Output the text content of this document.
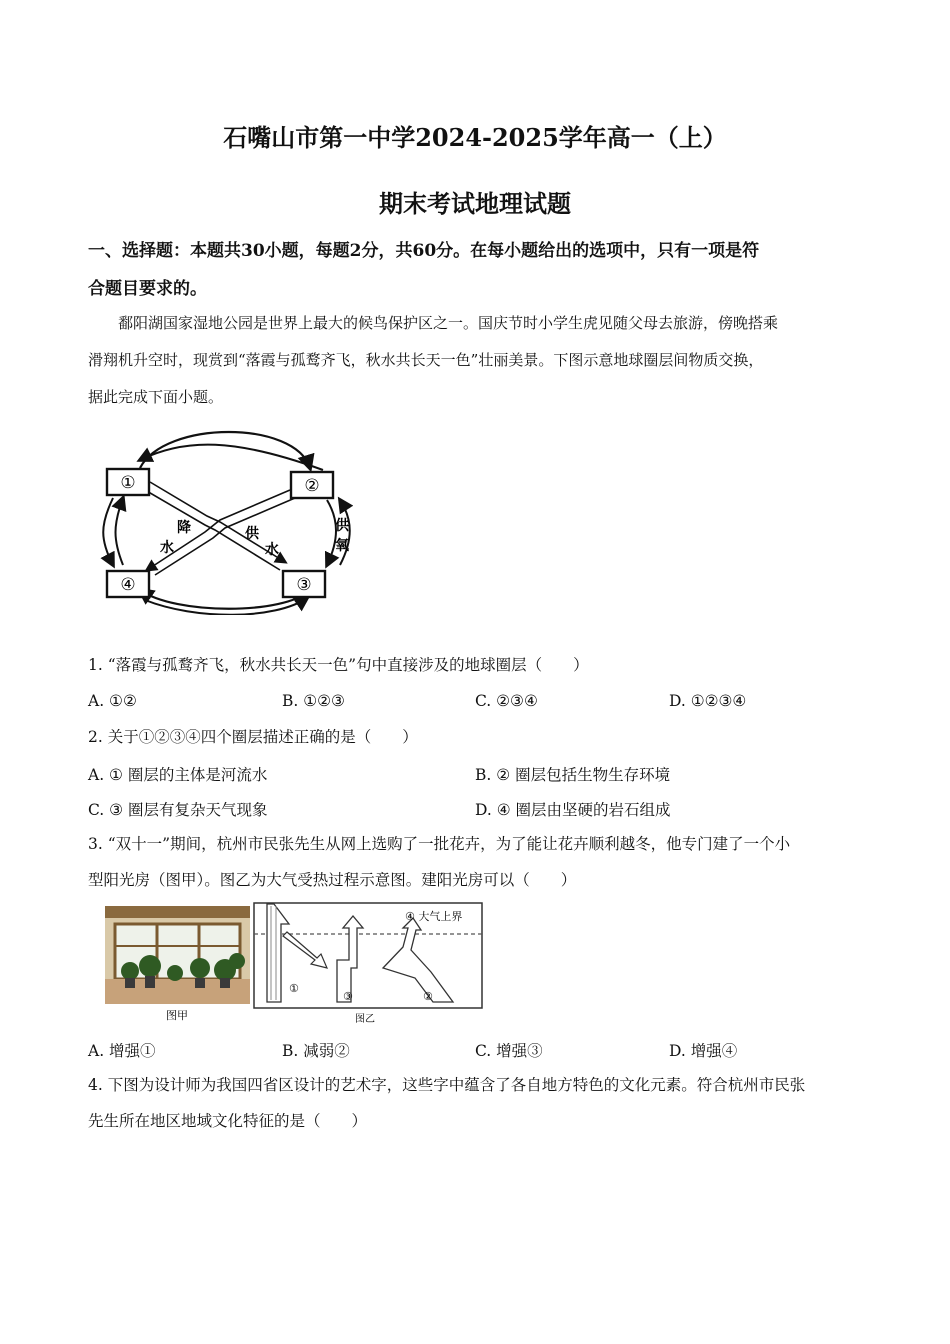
石嘴山市第一中学2024-2025学年高一（上）
期末考试地理试题
一、选择题：本题共30小题，每题2分，共60分。在每小题给出的选项中，只有一项是符
合题目要求的。
鄱阳湖国家湿地公园是世界上最大的候鸟保护区之一。国庆节时小学生虎见随父母去旅游，傍晚搭乘
滑翔机升空时，现赏到“落霞与孤鹜齐飞，秋水共长天一色”壮丽美景。下图示意地球圈层间物质交换，
据此完成下面小题。
①	②
③
④
降
水
供
水
供
氧
1. “落霞与孤鹜齐飞，秋水共长天一色”句中直接涉及的地球圈层（　　）
A. ①②	B. ①②③	C. ②③④	D. ①②③④
2. 关于①②③④四个圈层描述正确的是（　　）
A. ① 圈层的主体是河流水	B. ② 圈层包括生物生存环境
C. ③ 圈层有复杂天气现象	D. ④ 圈层由坚硬的岩石组成
3. “双十一”期间，杭州市民张先生从网上选购了一批花卉，为了能让花卉顺利越冬，他专门建了一个小
型阳光房（图甲）。图乙为大气受热过程示意图。建阳光房可以（　　）
图甲
④ 大气上界
①
③	②
图乙
A. 增强①	B. 减弱②	C. 增强③	D. 增强④
4. 下图为设计师为我国四省区设计的艺术字，这些字中蕴含了各自地方特色的文化元素。符合杭州市民张
先生所在地区地域文化特征的是（　　）
